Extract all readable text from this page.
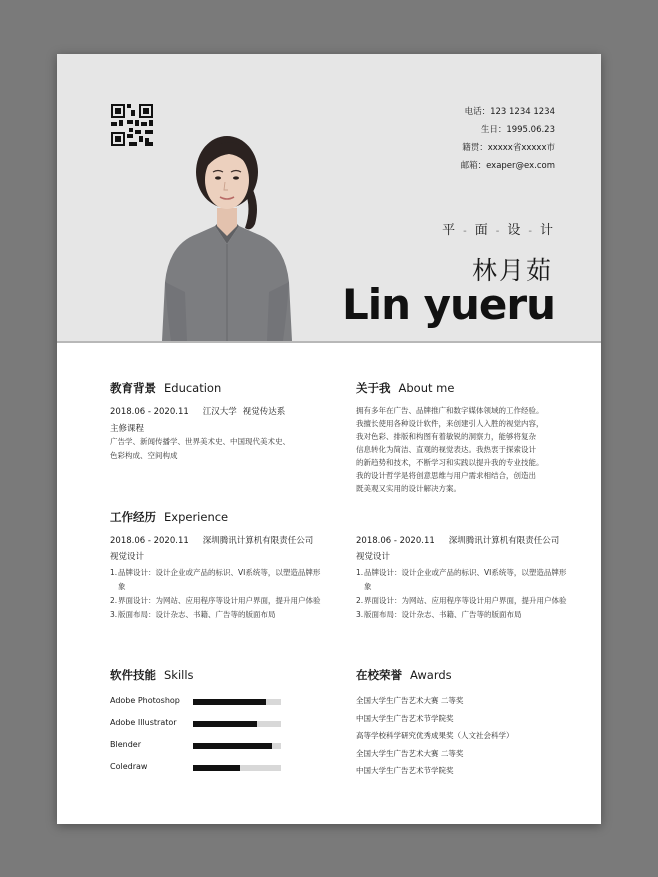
电话：123 1234 1234
生日：1995.06.23
籍贯：xxxxx省xxxxx市
邮箱：exaper@ex.com
平 - 面 - 设 - 计
林月茹
Lin yueru
教育背景 Education
2018.06 - 2020.11 江汉大学 视觉传达系
主修课程
广告学、新闻传播学、世界美术史、中国现代美术史、
色彩构成、空间构成
关于我 About me
拥有多年在广告、品牌推广和数字媒体领域的工作经验。
我擅长使用各种设计软件，来创建引人入胜的视觉内容，
我对色彩、排版和构图有着敏锐的洞察力，能够将复杂
信息转化为简洁、直观的视觉表达。我热衷于探索设计
的新趋势和技术，不断学习和实践以提升我的专业技能。
我的设计哲学是将创意思维与用户需求相结合，创造出
既美观又实用的设计解决方案。
工作经历 Experience
2018.06 - 2020.11 深圳腾讯计算机有限责任公司
视觉设计
1. 品牌设计：设计企业或产品的标识、VI系统等，以塑造品牌形象
2. 界面设计：为网站、应用程序等设计用户界面，提升用户体验
3. 版面布局：设计杂志、书籍、广告等的版面布局
2018.06 - 2020.11 深圳腾讯计算机有限责任公司
视觉设计
1. 品牌设计：设计企业或产品的标识、VI系统等，以塑造品牌形象
2. 界面设计：为网站、应用程序等设计用户界面，提升用户体验
3. 版面布局：设计杂志、书籍、广告等的版面布局
软件技能 Skills
Adobe Photoshop
Adobe Illustrator
Blender
Coledraw
在校荣誉 Awards
全国大学生广告艺术大赛 二等奖
中国大学生广告艺术节学院奖
高等学校科学研究优秀成果奖（人文社会科学）
全国大学生广告艺术大赛 二等奖
中国大学生广告艺术节学院奖
